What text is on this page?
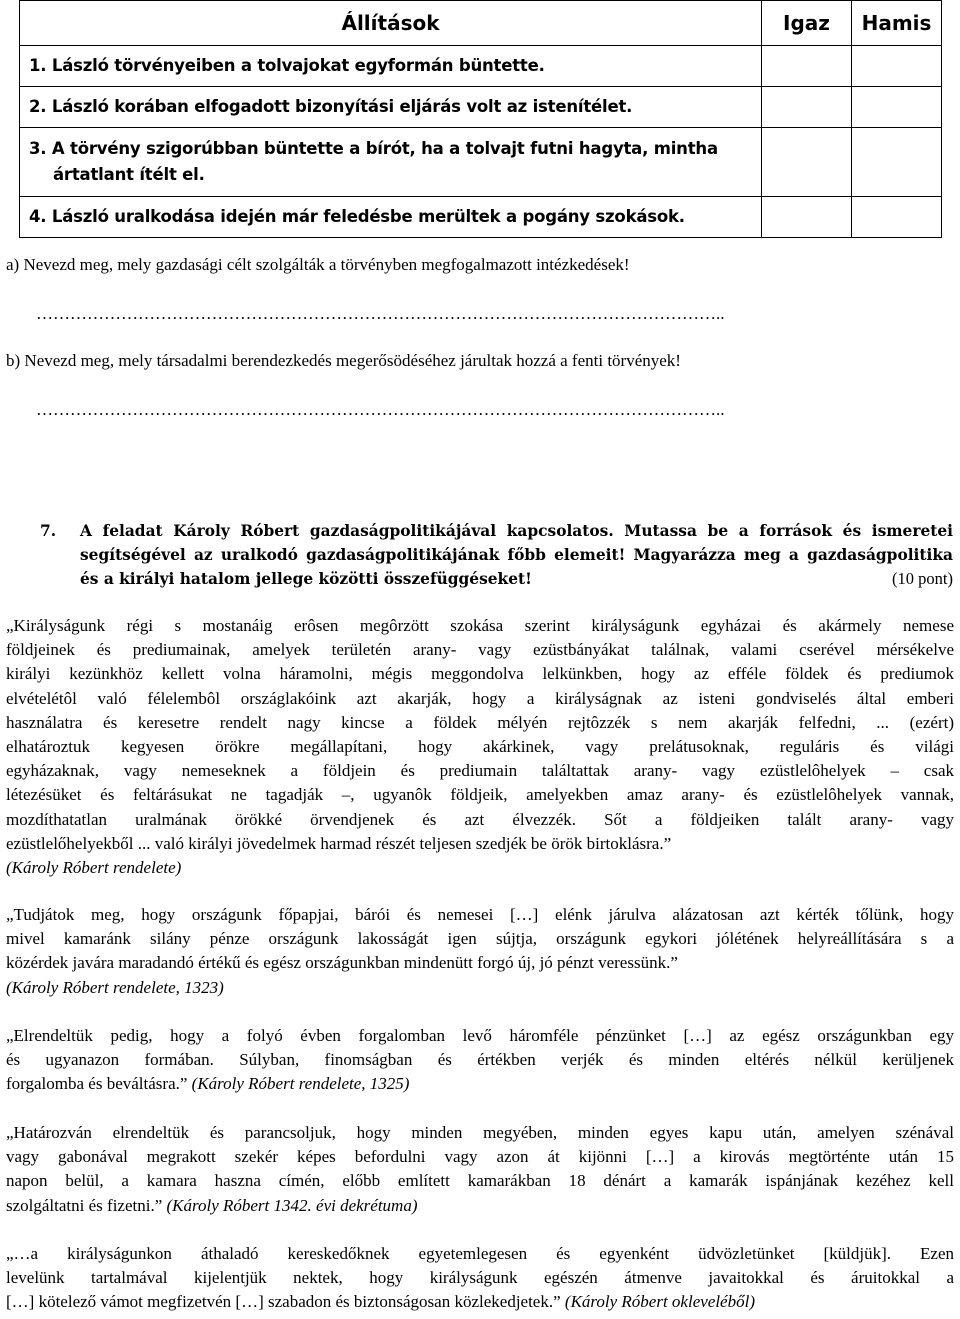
Állítások	Igaz	Hamis
1. László törvényeiben a tolvajokat egyformán büntette.		
2. László korában elfogadott bizonyítási eljárás volt az istenítélet.		

3. A törvény szigorúbban büntette a bírót, ha a tolvajt futni hagyta, mintha
ártatlant ítélt el.		

4. László uralkodása idején már feledésbe merültek a pogány szokások.		
a) Nevezd meg, mely gazdasági célt szolgálták a törvényben megfogalmazott intézkedések!
…………………………………………………………………………………………………………..
b) Nevezd meg, mely társadalmi berendezkedés megerősödéséhez járultak hozzá a fenti törvények!
…………………………………………………………………………………………………………..
7. A feladat Károly Róbert gazdaságpolitikájával kapcsolatos. Mutassa be a források és ismeretei
segítségével az uralkodó gazdaságpolitikájának főbb elemeit! Magyarázza meg a gazdaságpolitika
és a királyi hatalom jellege közötti összefüggéseket!	(10 pont)
„Királyságunk régi s mostanáig erôsen megôrzött szokása szerint királyságunk egyházai és akármely nemese
földjeinek és prediumainak, amelyek területén arany- vagy ezüstbányákat találnak, valami cserével mérsékelve
királyi kezünkhöz kellett volna háramolni, mégis meggondolva lelkünkben, hogy az efféle földek és prediumok
elvételétôl való félelembôl országlakóink azt akarják, hogy a királyságnak az isteni gondviselés által emberi
használatra és keresetre rendelt nagy kincse a földek mélyén rejtôzzék s nem akarják felfedni, ... (ezért)
elhatároztuk kegyesen örökre megállapítani, hogy akárkinek, vagy prelátusoknak, reguláris és világi
egyházaknak, vagy nemeseknek a földjein és prediumain találtattak arany- vagy ezüstlelôhelyek – csak
létezésüket és feltárásukat ne tagadják –, ugyanôk földjeik, amelyekben amaz arany- és ezüstlelôhelyek vannak,
mozdíthatatlan uralmának örökké örvendjenek és azt élvezzék. Sőt a földjeiken talált arany- vagy
ezüstlelőhelyekből ... való királyi jövedelmek harmad részét teljesen szedjék be örök birtoklásra.”
(Károly Róbert rendelete)
„Tudjátok meg, hogy országunk főpapjai, bárói és nemesei […] elénk járulva alázatosan azt kérték tőlünk, hogy
mivel kamaránk silány pénze országunk lakosságát igen sújtja, országunk egykori jólétének helyreállítására s a
közérdek javára maradandó értékű és egész országunkban mindenütt forgó új, jó pénzt veressünk.”
(Károly Róbert rendelete, 1323)
„Elrendeltük pedig, hogy a folyó évben forgalomban levő háromféle pénzünket […] az egész országunkban egy
és ugyanazon formában. Súlyban, finomságban és értékben verjék és minden eltérés nélkül kerüljenek
forgalomba és beváltásra.” (Károly Róbert rendelete, 1325)
„Határozván elrendeltük és parancsoljuk, hogy minden megyében, minden egyes kapu után, amelyen szénával
vagy gabonával megrakott szekér képes befordulni vagy azon át kijönni […] a kirovás megtörténte után 15
napon belül, a kamara haszna címén, előbb említett kamarákban 18 dénárt a kamarák ispánjának kezéhez kell
szolgáltatni és fizetni.” (Károly Róbert 1342. évi dekrétuma)
„…a királyságunkon áthaladó kereskedőknek egyetemlegesen és egyenként üdvözletünket [küldjük]. Ezen
levelünk tartalmával kijelentjük nektek, hogy királyságunk egészén átmenve javaitokkal és áruitokkal a
[…] kötelező vámot megfizetvén […] szabadon és biztonságosan közlekedjetek.” (Károly Róbert okleveléből)
